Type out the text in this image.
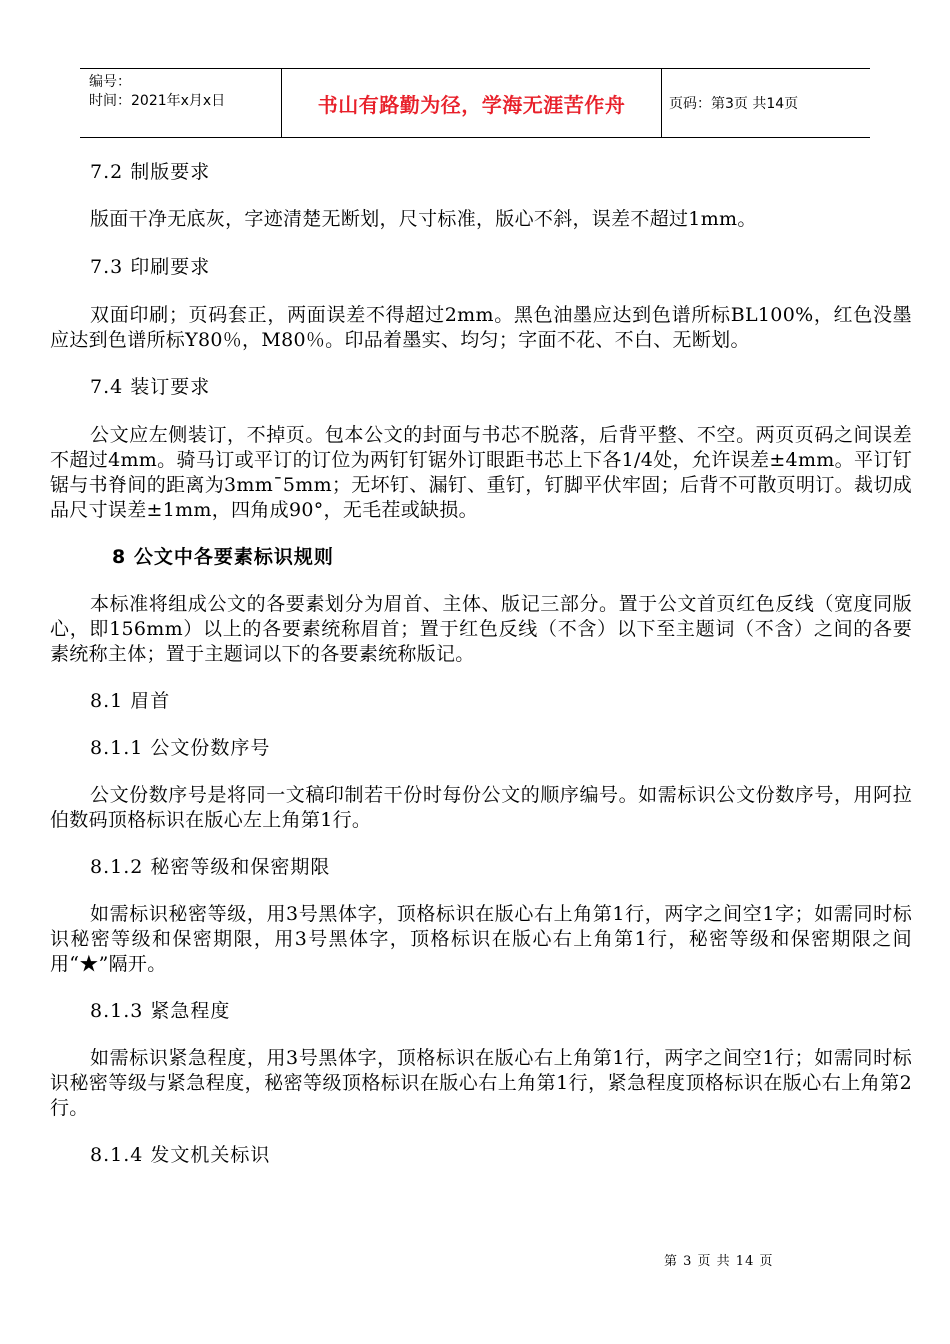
编号：
时间：2021年x月x日	书山有路勤为径，学海无涯苦作舟	页码：第3页 共14页

7.2 制版要求

版面干净无底灰，字迹清楚无断划，尺寸标准，版心不斜，误差不超过1mm。

7.3 印刷要求

双面印刷；页码套正，两面误差不得超过2mm。黑色油墨应达到色谱所标BL100%，红色没墨应达到色谱所标Y80％，M80％。印品着墨实、均匀；字面不花、不白、无断划。

7.4 装订要求

公文应左侧装订，不掉页。包本公文的封面与书芯不脱落，后背平整、不空。两页页码之间误差不超过4mm。骑马订或平订的订位为两钉钉锯外订眼距书芯上下各1/4处，允许误差±4mm。平订钉锯与书脊间的距离为3mm¯5mm；无坏钉、漏钉、重钉，钉脚平伏牢固；后背不可散页明订。裁切成品尺寸误差±1mm，四角成90°，无毛茬或缺损。

8 公文中各要素标识规则

本标准将组成公文的各要素划分为眉首、主体、版记三部分。置于公文首页红色反线（宽度同版心，即156mm）以上的各要素统称眉首；置于红色反线（不含）以下至主题词（不含）之间的各要素统称主体；置于主题词以下的各要素统称版记。

8.1 眉首

8.1.1 公文份数序号

公文份数序号是将同一文稿印制若干份时每份公文的顺序编号。如需标识公文份数序号，用阿拉伯数码顶格标识在版心左上角第1行。

8.1.2 秘密等级和保密期限

如需标识秘密等级，用3号黑体字，顶格标识在版心右上角第1行，两字之间空1字；如需同时标识秘密等级和保密期限，用3号黑体字，顶格标识在版心右上角第1行，秘密等级和保密期限之间用“★”隔开。

8.1.3 紧急程度

如需标识紧急程度，用3号黑体字，顶格标识在版心右上角第1行，两字之间空1行；如需同时标识秘密等级与紧急程度，秘密等级顶格标识在版心右上角第1行，紧急程度顶格标识在版心右上角第2行。

8.1.4 发文机关标识

第 3 页 共 14 页
